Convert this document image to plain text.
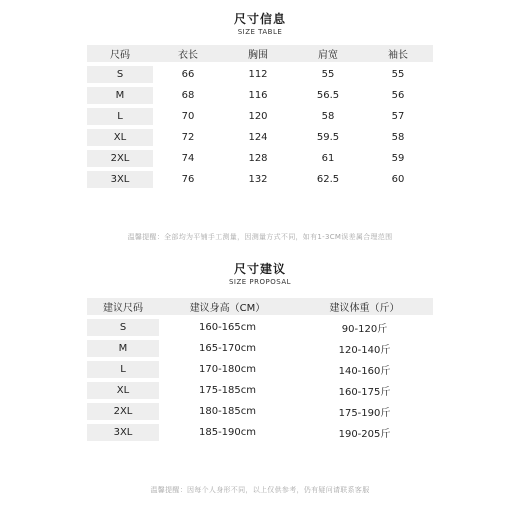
尺寸信息
SIZE TABLE
尺码	衣长	胸围	肩宽	袖长
S	66	112	55	55
M	68	116	56.5	56
L	70	120	58	57
XL	72	124	59.5	58
2XL	74	128	61	59
3XL	76	132	62.5	60
温馨提醒：全部均为平铺手工测量，因测量方式不同，如有1-3CM误差属合理范围
尺寸建议
SIZE PROPOSAL
建议尺码	建议身高（CM）	建议体重（斤）
S	160-165cm	90-120斤
M	165-170cm	120-140斤
L	170-180cm	140-160斤
XL	175-185cm	160-175斤
2XL	180-185cm	175-190斤
3XL	185-190cm	190-205斤
温馨提醒：因每个人身形不同，以上仅供参考，仍有疑问请联系客服
